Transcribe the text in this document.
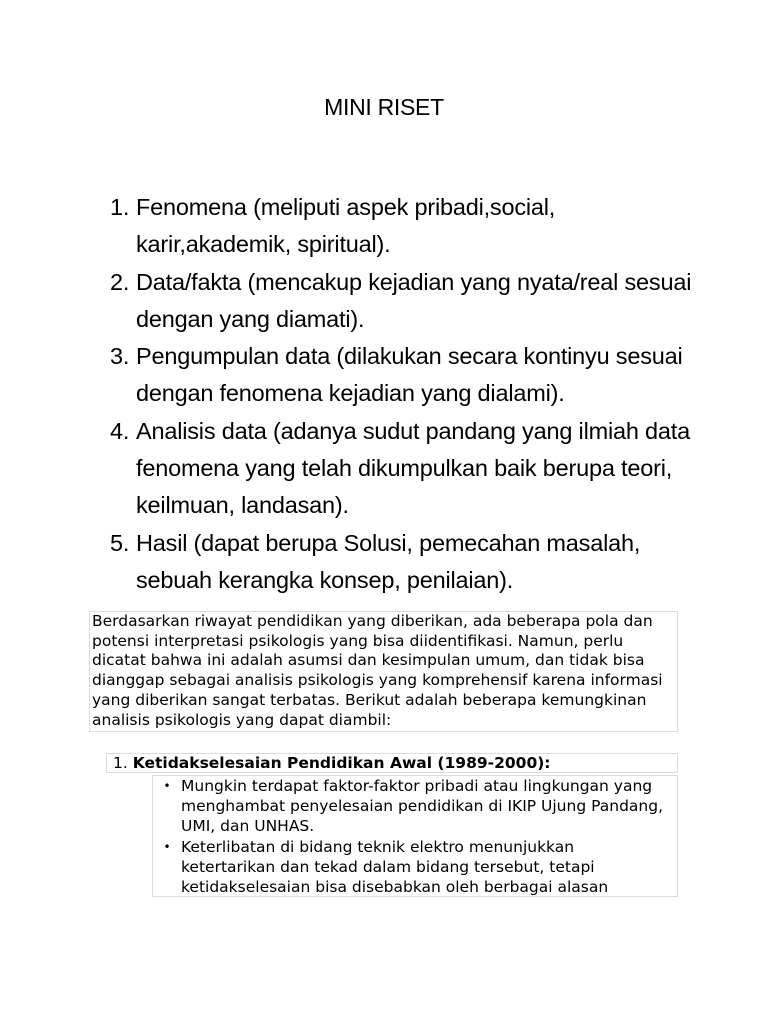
MINI RISET
1. Fenomena (meliputi aspek pribadi,social, karir,akademik, spiritual).
2. Data/fakta (mencakup kejadian yang nyata/real sesuai dengan yang diamati).
3. Pengumpulan data (dilakukan secara kontinyu sesuai dengan fenomena kejadian yang dialami).
4. Analisis data (adanya sudut pandang yang ilmiah data fenomena yang telah dikumpulkan baik berupa teori, keilmuan, landasan).
5. Hasil (dapat berupa Solusi, pemecahan masalah, sebuah kerangka konsep, penilaian).
Berdasarkan riwayat pendidikan yang diberikan, ada beberapa pola dan potensi interpretasi psikologis yang bisa diidentifikasi. Namun, perlu dicatat bahwa ini adalah asumsi dan kesimpulan umum, dan tidak bisa dianggap sebagai analisis psikologis yang komprehensif karena informasi yang diberikan sangat terbatas. Berikut adalah beberapa kemungkinan analisis psikologis yang dapat diambil:
1. Ketidakselesaian Pendidikan Awal (1989-2000):
• Mungkin terdapat faktor-faktor pribadi atau lingkungan yang menghambat penyelesaian pendidikan di IKIP Ujung Pandang, UMI, dan UNHAS.
• Keterlibatan di bidang teknik elektro menunjukkan ketertarikan dan tekad dalam bidang tersebut, tetapi ketidakselesaian bisa disebabkan oleh berbagai alasan
